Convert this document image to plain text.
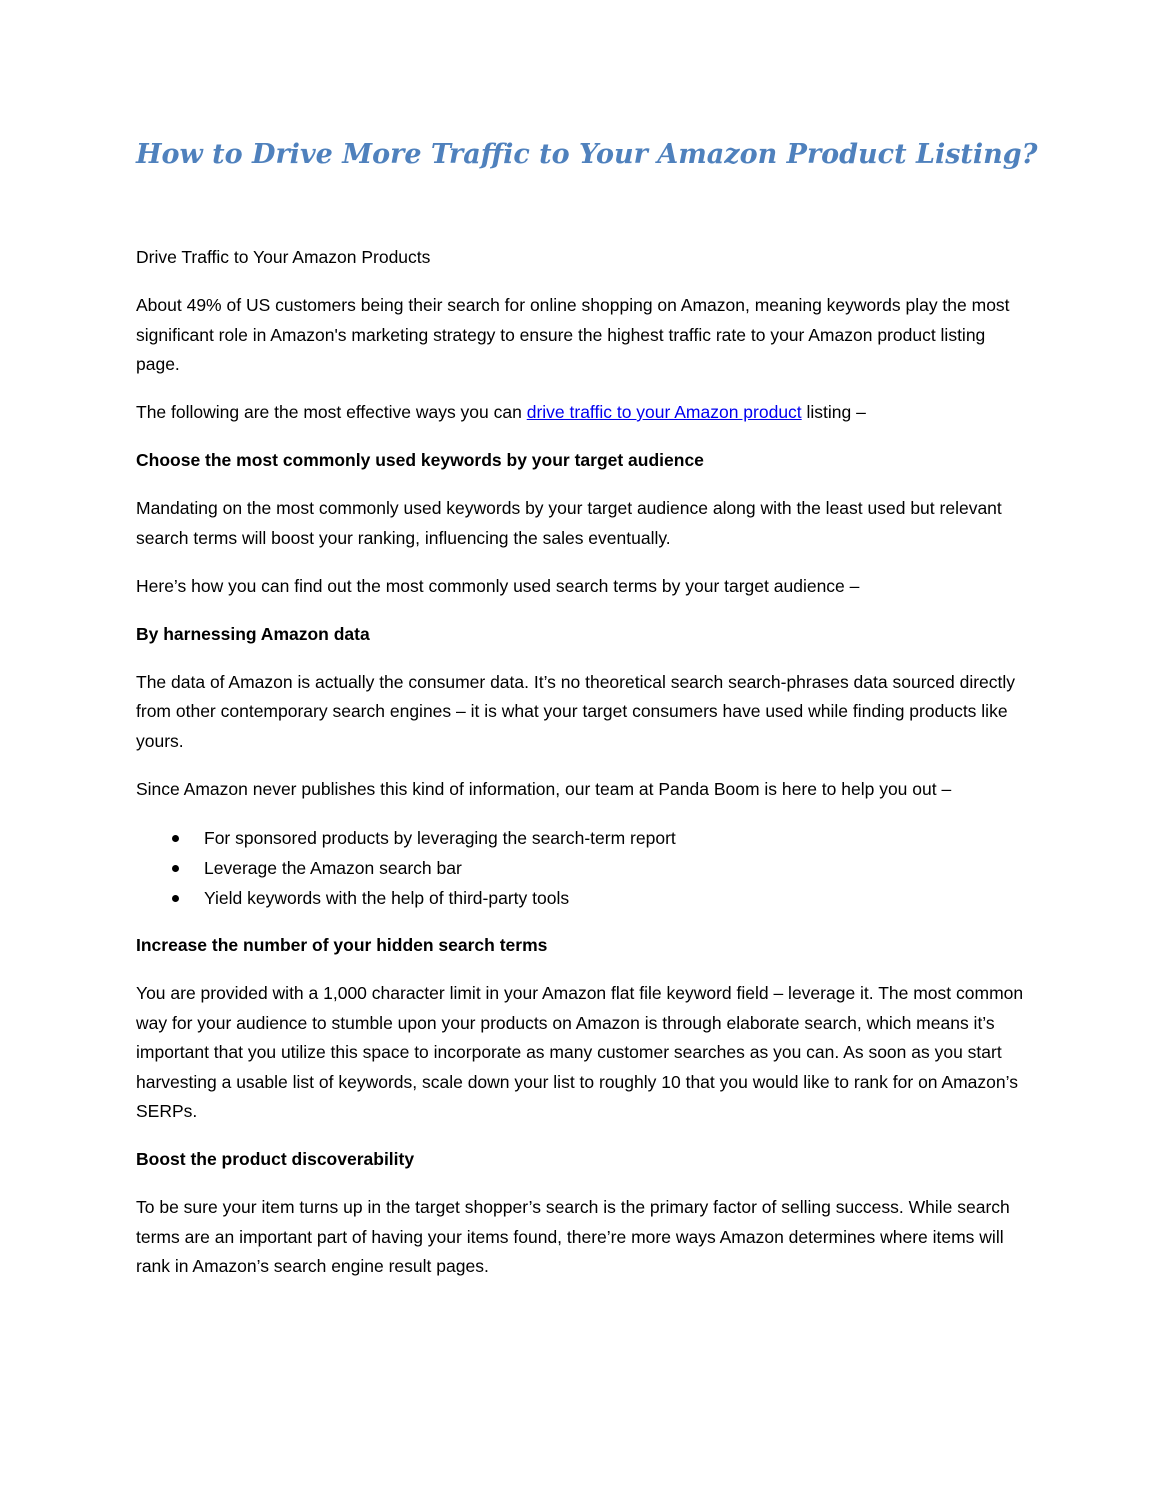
How to Drive More Traffic to Your Amazon Product Listing?

Drive Traffic to Your Amazon Products

About 49% of US customers being their search for online shopping on Amazon, meaning keywords play the most significant role in Amazon's marketing strategy to ensure the highest traffic rate to your Amazon product listing page.

The following are the most effective ways you can drive traffic to your Amazon product listing –

Choose the most commonly used keywords by your target audience

Mandating on the most commonly used keywords by your target audience along with the least used but relevant search terms will boost your ranking, influencing the sales eventually.

Here’s how you can find out the most commonly used search terms by your target audience –

By harnessing Amazon data

The data of Amazon is actually the consumer data. It’s no theoretical search search-phrases data sourced directly from other contemporary search engines – it is what your target consumers have used while finding products like yours.

Since Amazon never publishes this kind of information, our team at Panda Boom is here to help you out –

For sponsored products by leveraging the search-term report
Leverage the Amazon search bar
Yield keywords with the help of third-party tools

Increase the number of your hidden search terms

You are provided with a 1,000 character limit in your Amazon flat file keyword field – leverage it. The most common way for your audience to stumble upon your products on Amazon is through elaborate search, which means it’s important that you utilize this space to incorporate as many customer searches as you can. As soon as you start harvesting a usable list of keywords, scale down your list to roughly 10 that you would like to rank for on Amazon’s SERPs.

Boost the product discoverability

To be sure your item turns up in the target shopper’s search is the primary factor of selling success. While search terms are an important part of having your items found, there’re more ways Amazon determines where items will rank in Amazon’s search engine result pages.
